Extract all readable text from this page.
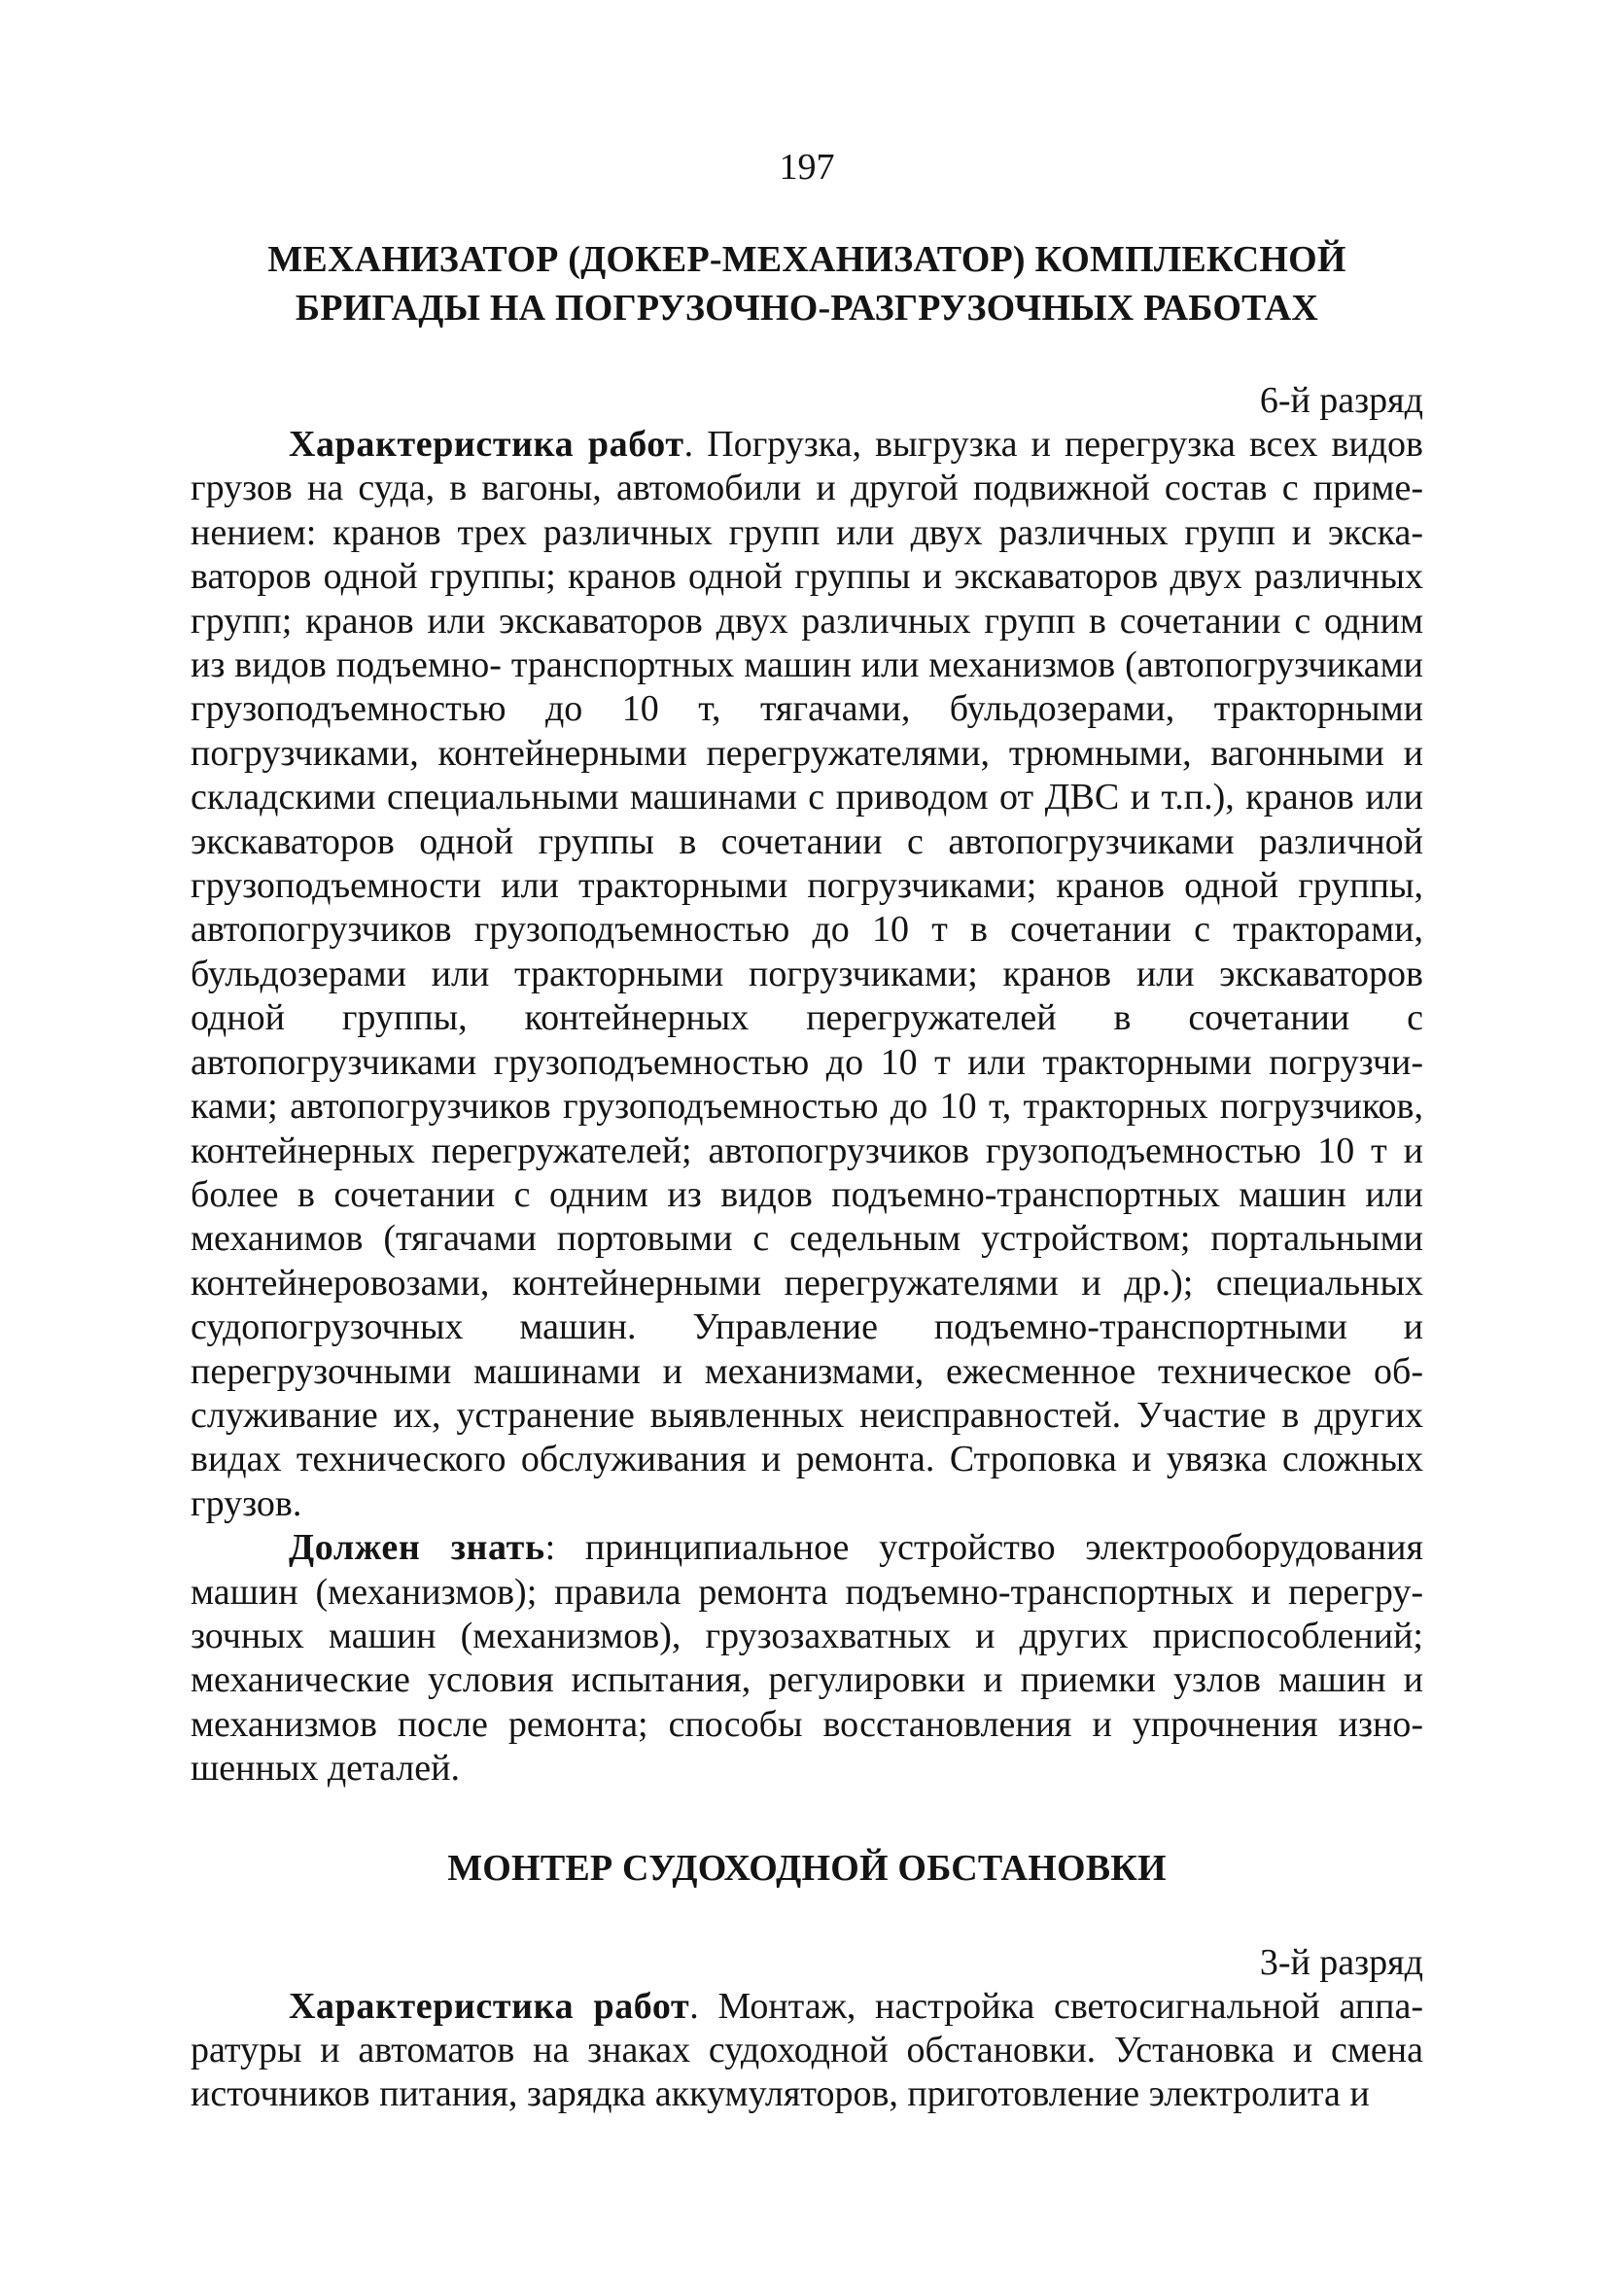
197
МЕХАНИЗАТОР (ДОКЕР-МЕХАНИЗАТОР) КОМПЛЕКСНОЙ
БРИГАДЫ НА ПОГРУЗОЧНО-РАЗГРУЗОЧНЫХ РАБОТАХ

6-й разряд

Характеристика работ. Погрузка, выгрузка и перегрузка всех видов грузов на суда, в вагоны, автомобили и другой подвижной состав с применением: кранов трех различных групп или двух различных групп и экскаваторов одной группы; кранов одной группы и экскаваторов двух различных групп; кранов или экскаваторов двух различных групп в сочетании с одним из видов подъемно- транспортных машин или механизмов (автопогрузчиками грузоподъемностью до 10 т, тягачами, бульдозерами, тракторными погрузчиками, контейнерными перегружателями, трюмными, вагонными и складскими специальными машинами с приводом от ДВС и т.п.), кранов или экскаваторов одной группы в сочетании с автопогрузчиками различной грузоподъемности или тракторными погрузчиками; кранов одной группы, автопогрузчиков грузоподъемностью до 10 т в сочетании с тракторами, бульдозерами или тракторными погрузчиками; кранов или экскаваторов одной группы, контейнерных перегружателей в сочетании с автопогрузчиками грузоподъемностью до 10 т или тракторными погрузчиками; автопогрузчиков грузоподъемностью до 10 т, тракторных погрузчиков, контейнерных перегружателей; автопогрузчиков грузоподъемностью 10 т и более в сочетании с одним из видов подъемно-транспортных машин или механимов (тягачами портовыми с седельным устройством; портальными контейнеровозами, контейнерными перегружателями и др.); специальных судопогрузочных машин. Управление подъемно-транспортными и перегрузочными машинами и механизмами, ежесменное техническое обслуживание их, устранение выявленных неисправностей. Участие в других видах технического обслуживания и ремонта. Строповка и увязка сложных грузов.

Должен знать: принципиальное устройство электрооборудования машин (механизмов); правила ремонта подъемно-транспортных и перегрузочных машин (механизмов), грузозахватных и других приспособлений; механические условия испытания, регулировки и приемки узлов машин и механизмов после ремонта; способы восстановления и упрочнения изношенных деталей.

МОНТЕР СУДОХОДНОЙ ОБСТАНОВКИ

3-й разряд

Характеристика работ. Монтаж, настройка светосигнальной аппаратуры и автоматов на знаках судоходной обстановки. Установка и смена источников питания, зарядка аккумуляторов, приготовление электролита и
